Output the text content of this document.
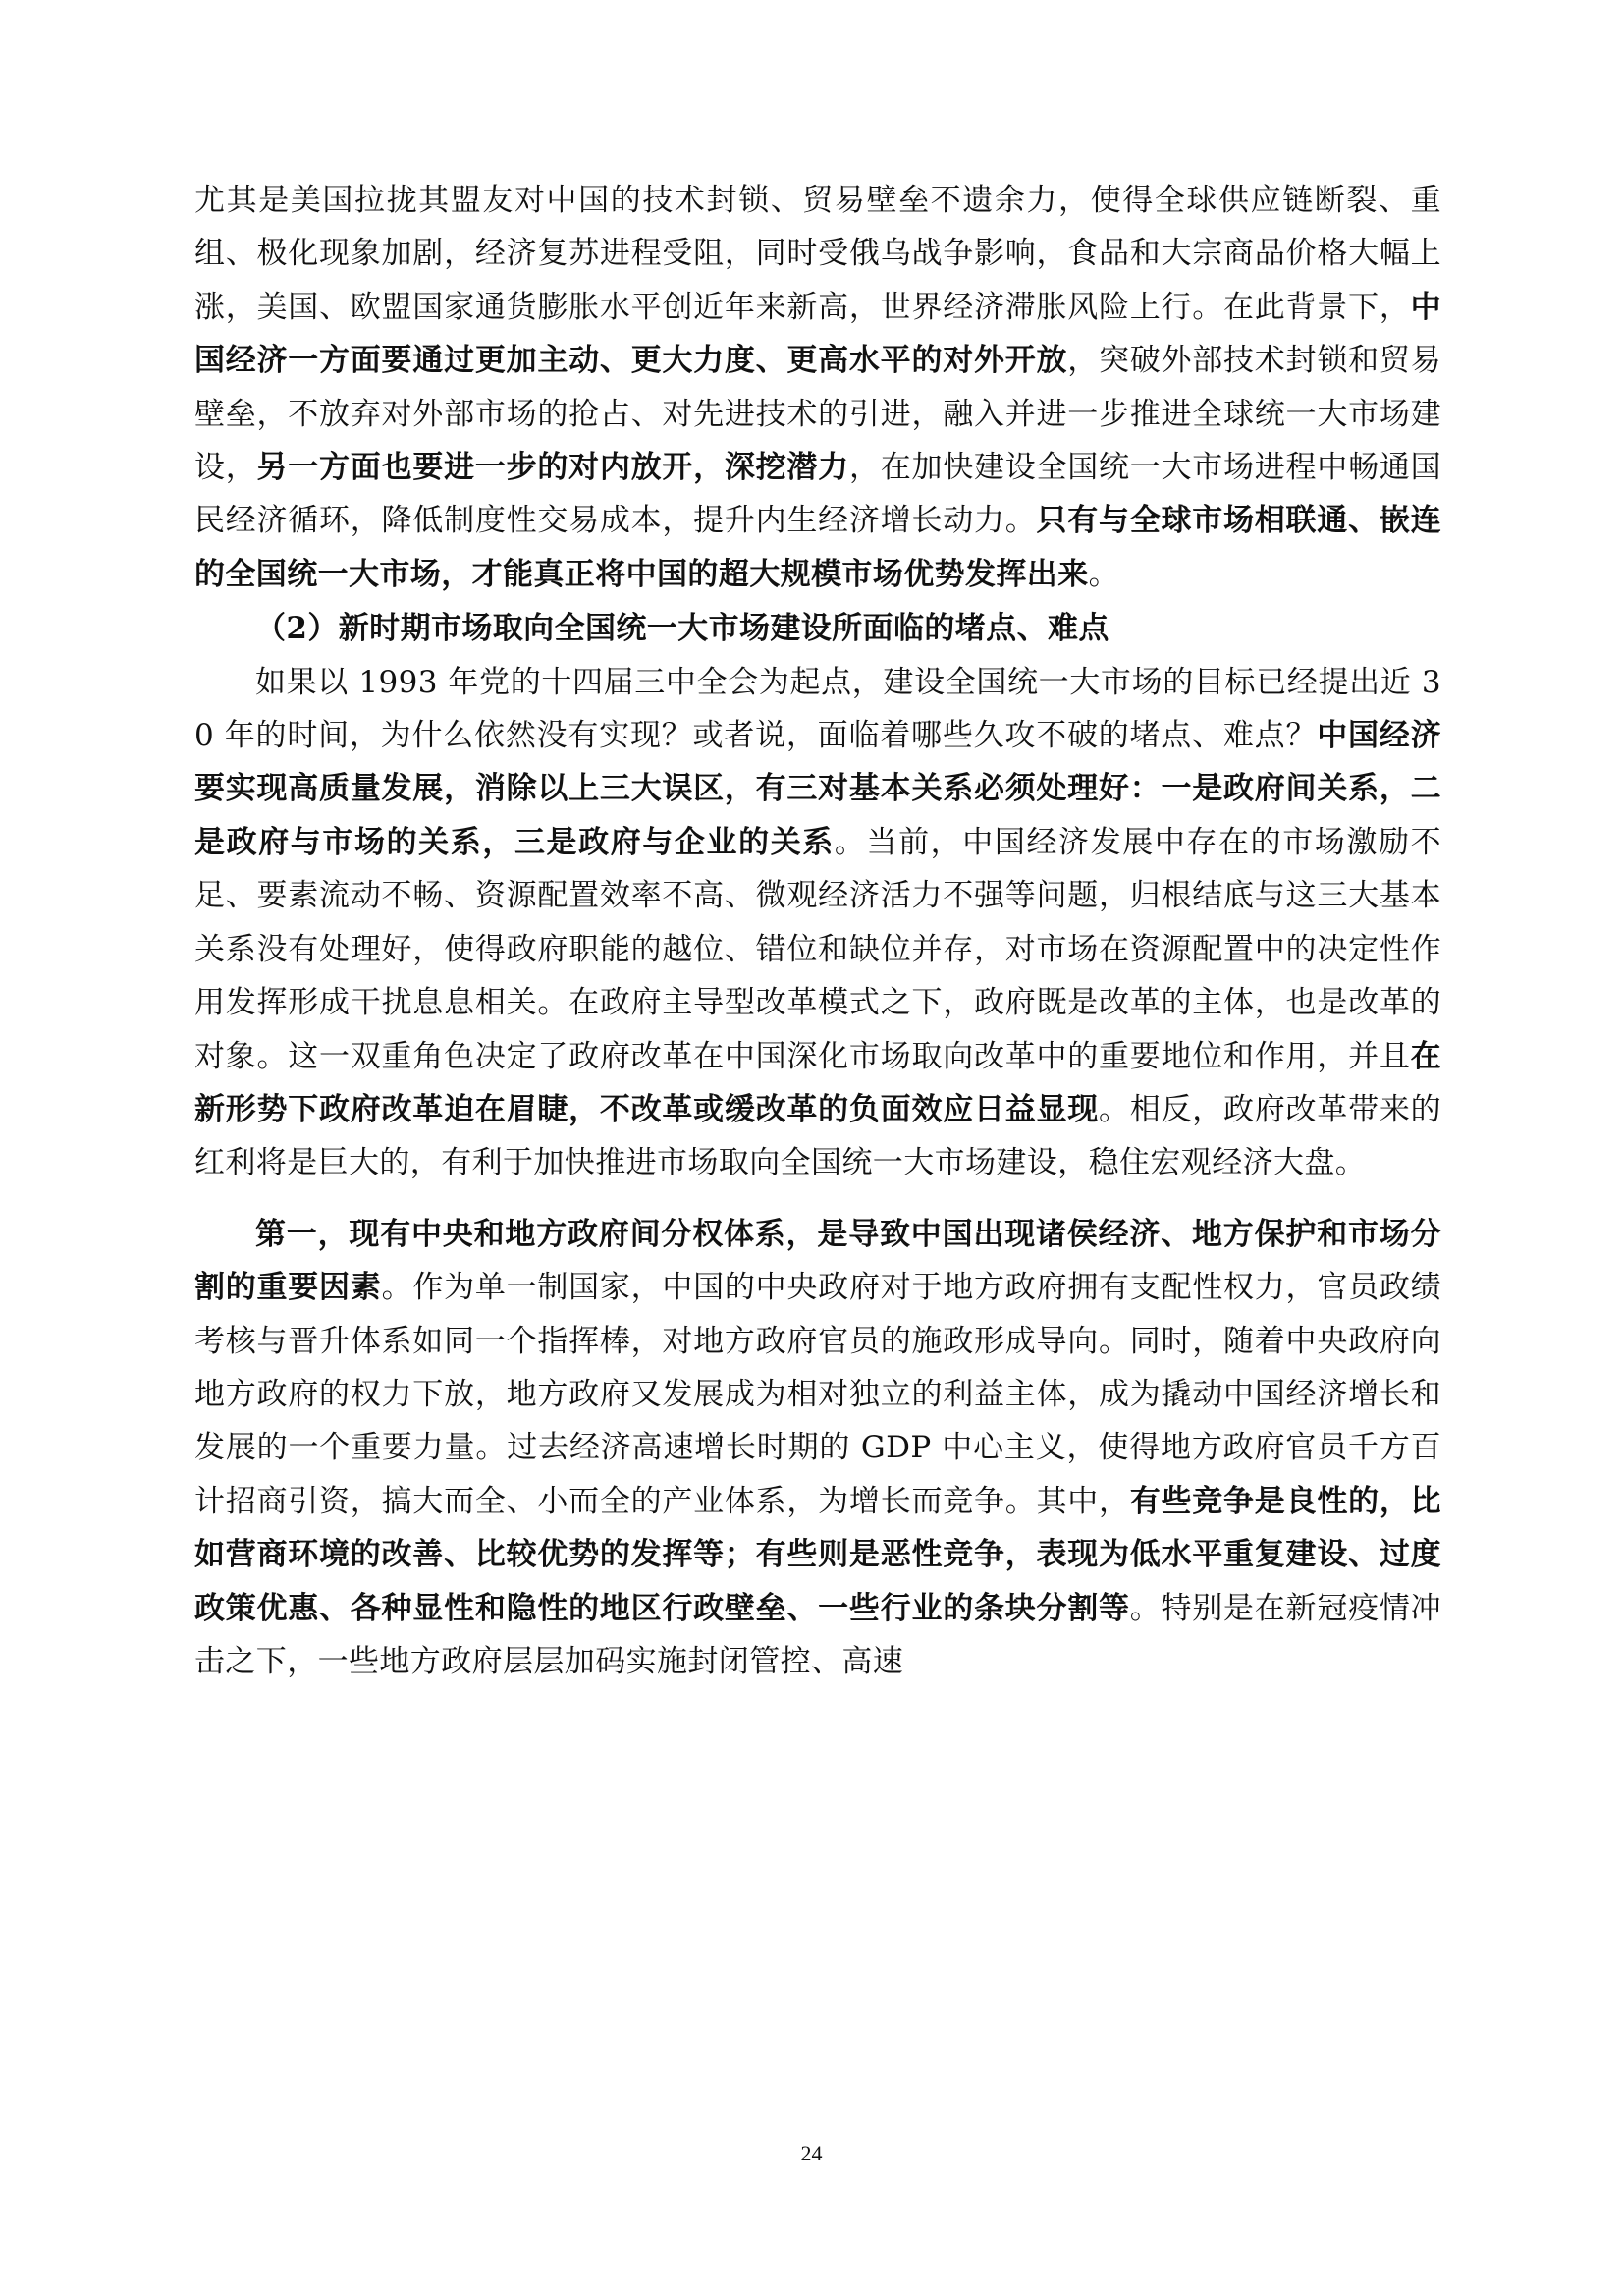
尤其是美国拉拢其盟友对中国的技术封锁、贸易壁垒不遗余力，使得全球供应链断裂、重组、极化现象加剧，经济复苏进程受阻，同时受俄乌战争影响，食品和大宗商品价格大幅上涨，美国、欧盟国家通货膨胀水平创近年来新高，世界经济滞胀风险上行。在此背景下，中国经济一方面要通过更加主动、更大力度、更高水平的对外开放，突破外部技术封锁和贸易壁垒，不放弃对外部市场的抢占、对先进技术的引进，融入并进一步推进全球统一大市场建设，另一方面也要进一步的对内放开，深挖潜力，在加快建设全国统一大市场进程中畅通国民经济循环，降低制度性交易成本，提升内生经济增长动力。只有与全球市场相联通、嵌连的全国统一大市场，才能真正将中国的超大规模市场优势发挥出来。

（2）新时期市场取向全国统一大市场建设所面临的堵点、难点

如果以 1993 年党的十四届三中全会为起点，建设全国统一大市场的目标已经提出近 30 年的时间，为什么依然没有实现？或者说，面临着哪些久攻不破的堵点、难点？中国经济要实现高质量发展，消除以上三大误区，有三对基本关系必须处理好：一是政府间关系，二是政府与市场的关系，三是政府与企业的关系。当前，中国经济发展中存在的市场激励不足、要素流动不畅、资源配置效率不高、微观经济活力不强等问题，归根结底与这三大基本关系没有处理好，使得政府职能的越位、错位和缺位并存，对市场在资源配置中的决定性作用发挥形成干扰息息相关。在政府主导型改革模式之下，政府既是改革的主体，也是改革的对象。这一双重角色决定了政府改革在中国深化市场取向改革中的重要地位和作用，并且在新形势下政府改革迫在眉睫，不改革或缓改革的负面效应日益显现。相反，政府改革带来的红利将是巨大的，有利于加快推进市场取向全国统一大市场建设，稳住宏观经济大盘。

第一，现有中央和地方政府间分权体系，是导致中国出现诸侯经济、地方保护和市场分割的重要因素。作为单一制国家，中国的中央政府对于地方政府拥有支配性权力，官员政绩考核与晋升体系如同一个指挥棒，对地方政府官员的施政形成导向。同时，随着中央政府向地方政府的权力下放，地方政府又发展成为相对独立的利益主体，成为撬动中国经济增长和发展的一个重要力量。过去经济高速增长时期的 GDP 中心主义，使得地方政府官员千方百计招商引资，搞大而全、小而全的产业体系，为增长而竞争。其中，有些竞争是良性的，比如营商环境的改善、比较优势的发挥等；有些则是恶性竞争，表现为低水平重复建设、过度政策优惠、各种显性和隐性的地区行政壁垒、一些行业的条块分割等。特别是在新冠疫情冲击之下，一些地方政府层层加码实施封闭管控、高速

24
